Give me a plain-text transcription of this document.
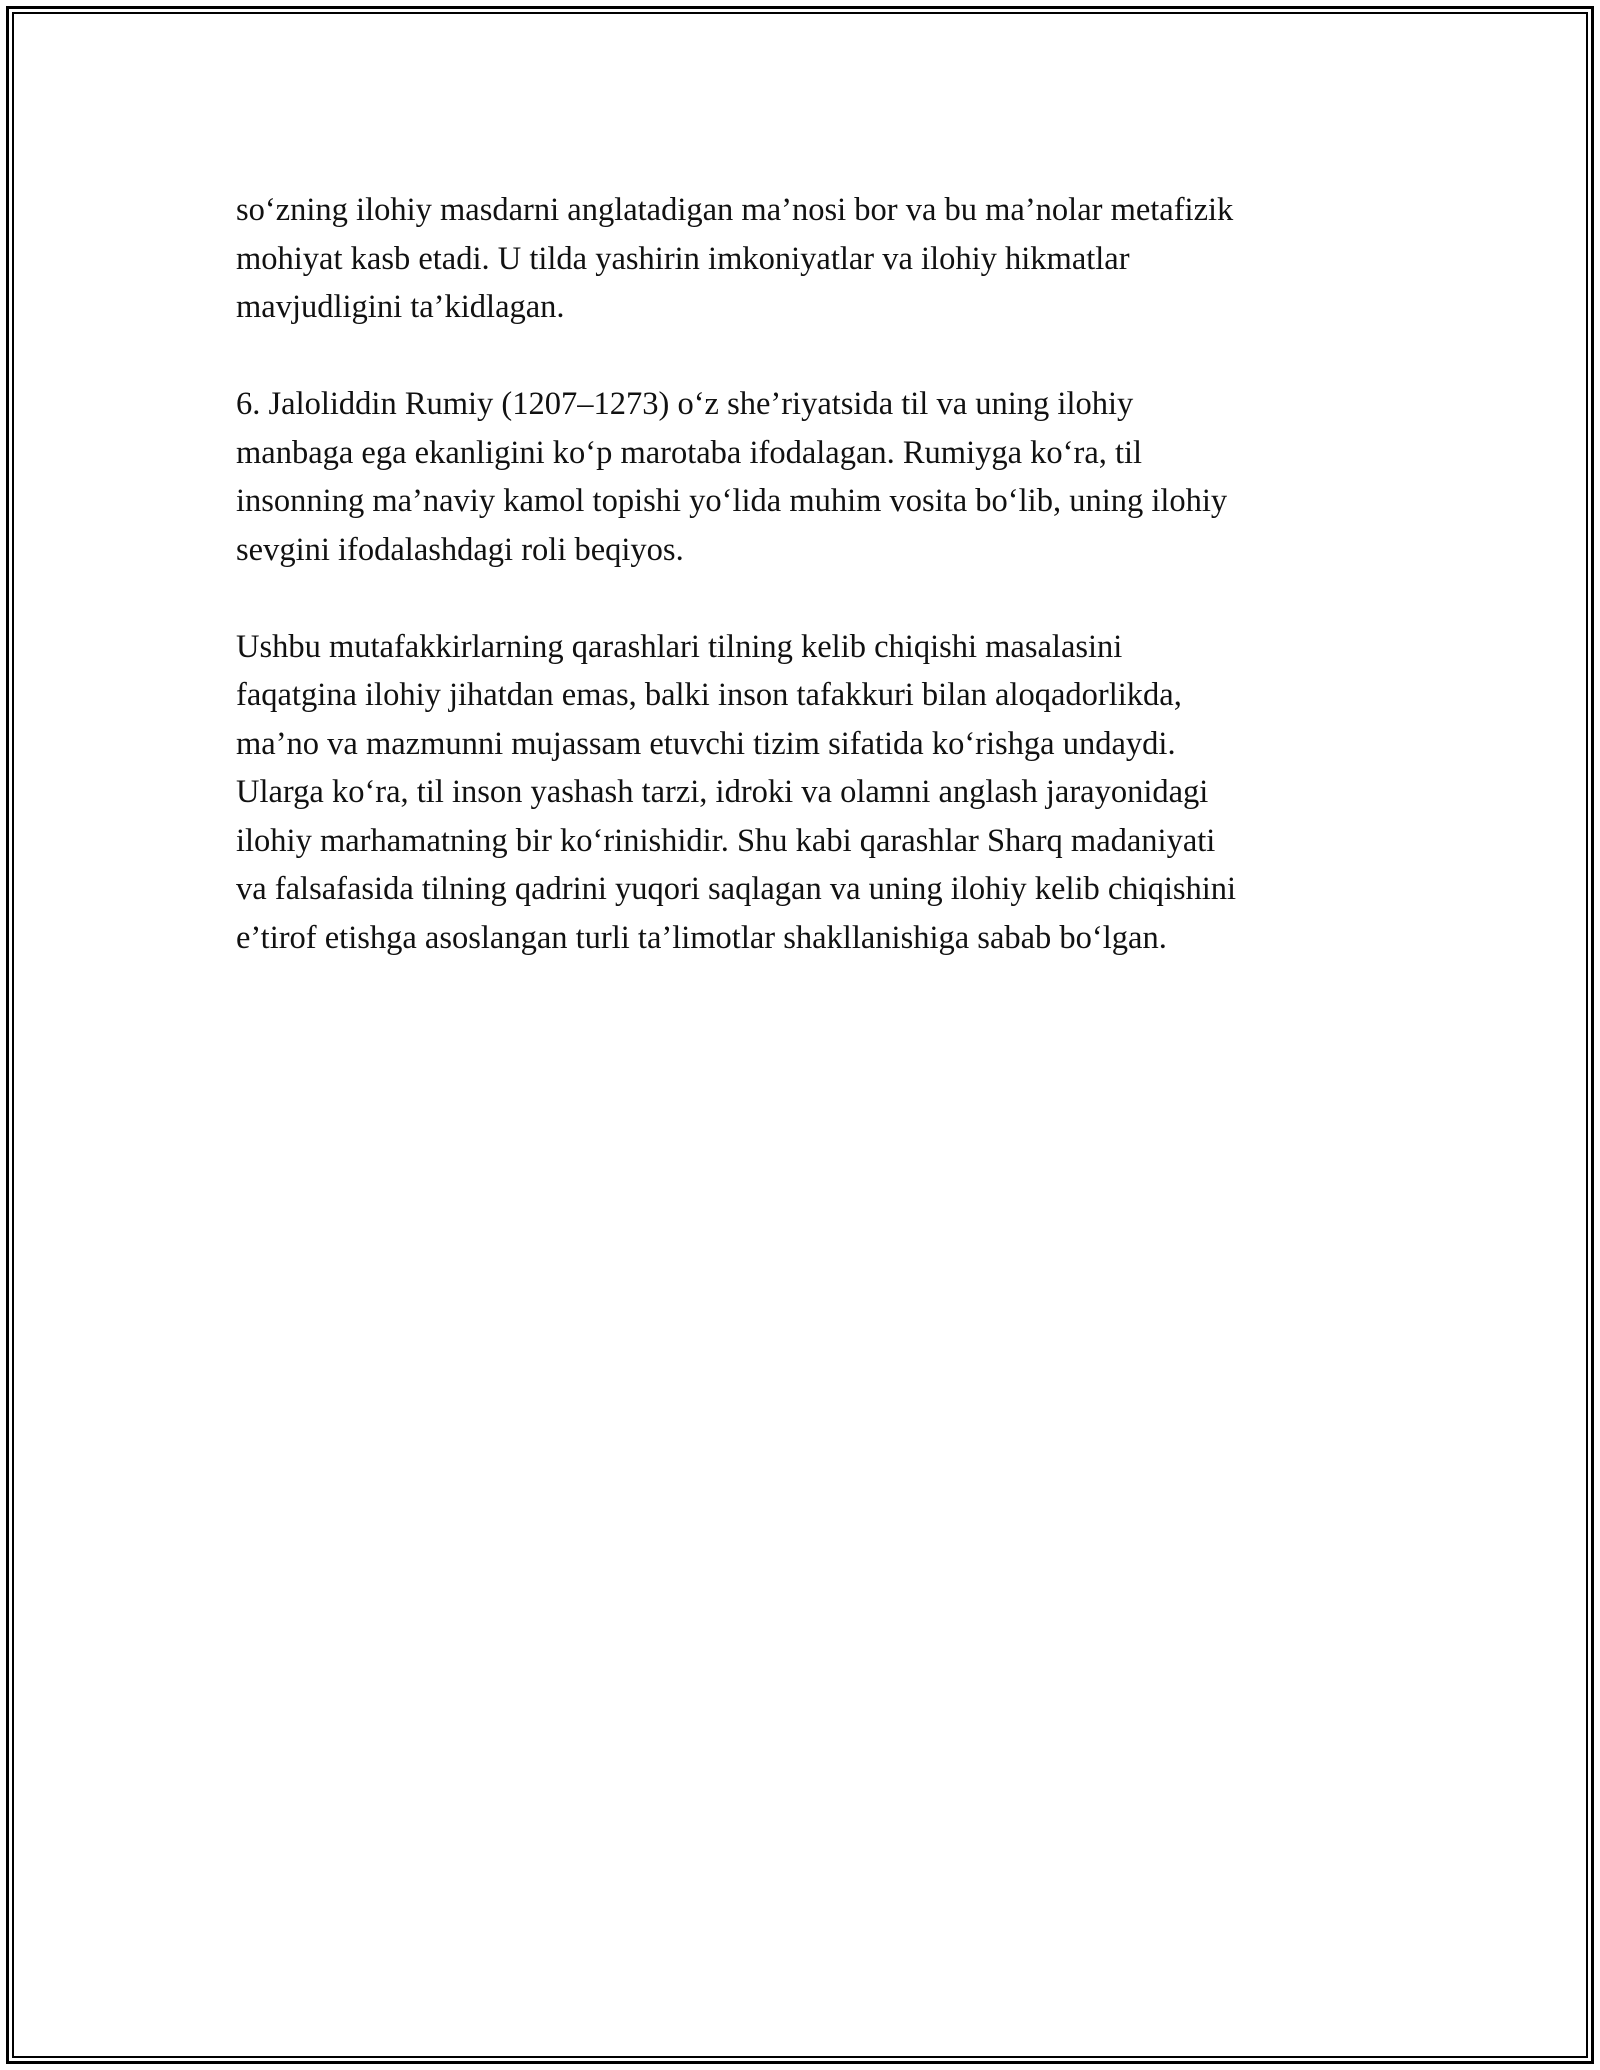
so‘zning ilohiy masdarni anglatadigan ma’nosi bor va bu ma’nolar metafizik
mohiyat kasb etadi. U tilda yashirin imkoniyatlar va ilohiy hikmatlar
mavjudligini ta’kidlagan.

6. Jaloliddin Rumiy (1207–1273) o‘z she’riyatsida til va uning ilohiy
manbaga ega ekanligini ko‘p marotaba ifodalagan. Rumiyga ko‘ra, til
insonning ma’naviy kamol topishi yo‘lida muhim vosita bo‘lib, uning ilohiy
sevgini ifodalashdagi roli beqiyos.

Ushbu mutafakkirlarning qarashlari tilning kelib chiqishi masalasini
faqatgina ilohiy jihatdan emas, balki inson tafakkuri bilan aloqadorlikda,
ma’no va mazmunni mujassam etuvchi tizim sifatida ko‘rishga undaydi.
Ularga ko‘ra, til inson yashash tarzi, idroki va olamni anglash jarayonidagi
ilohiy marhamatning bir ko‘rinishidir. Shu kabi qarashlar Sharq madaniyati
va falsafasida tilning qadrini yuqori saqlagan va uning ilohiy kelib chiqishini
e’tirof etishga asoslangan turli ta’limotlar shakllanishiga sabab bo‘lgan.
